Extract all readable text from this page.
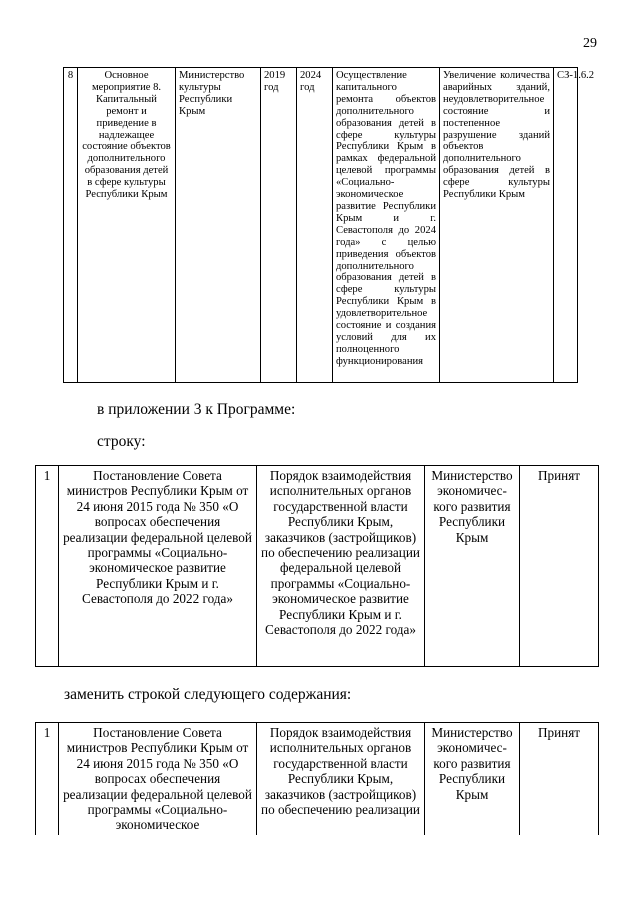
29
8	Основное мероприятие 8. Капитальный ремонт и приведение в надлежащее состояние объектов дополнительного образования детей в сфере культуры Республики Крым	Министерство культуры Республики Крым	2019 год	2024 год	Осуществление капитального ремонта объектов дополнительного образования детей в сфере культуры Республики Крым в рамках федеральной целевой программы «Социально-экономическое развитие Республики Крым и г. Севастополя до 2024 года» с целью приведения объектов дополнительного образования детей в сфере культуры Республики Крым в удовлетворительное состояние и создания условий для их полноценного функционирования	Увеличение количества аварийных зданий, неудовлетворительное состояние и постепенное разрушение зданий объектов дополнительного образования детей в сфере культуры Республики Крым	СЗ-1.6.2
в приложении 3 к Программе:
строку:
1	Постановление Совета министров Республики Крым от 24 июня 2015 года № 350 «О вопросах обеспечения реализации федеральной целевой программы «Социально-экономическое развитие Республики Крым и г. Севастополя до 2022 года»	Порядок взаимодействия исполнительных органов государственной власти Республики Крым, заказчиков (застройщиков) по обеспечению реализации федеральной целевой программы «Социально-экономическое развитие Республики Крым и г. Севастополя до 2022 года»	Министерство экономичес-кого развития Республики Крым	Принят
заменить строкой следующего содержания:
1	Постановление Совета министров Республики Крым от 24 июня 2015 года № 350 «О вопросах обеспечения реализации федеральной целевой программы «Социально-экономическое	Порядок взаимодействия исполнительных органов государственной власти Республики Крым, заказчиков (застройщиков) по обеспечению реализации	Министерство экономичес-кого развития Республики Крым	Принят
